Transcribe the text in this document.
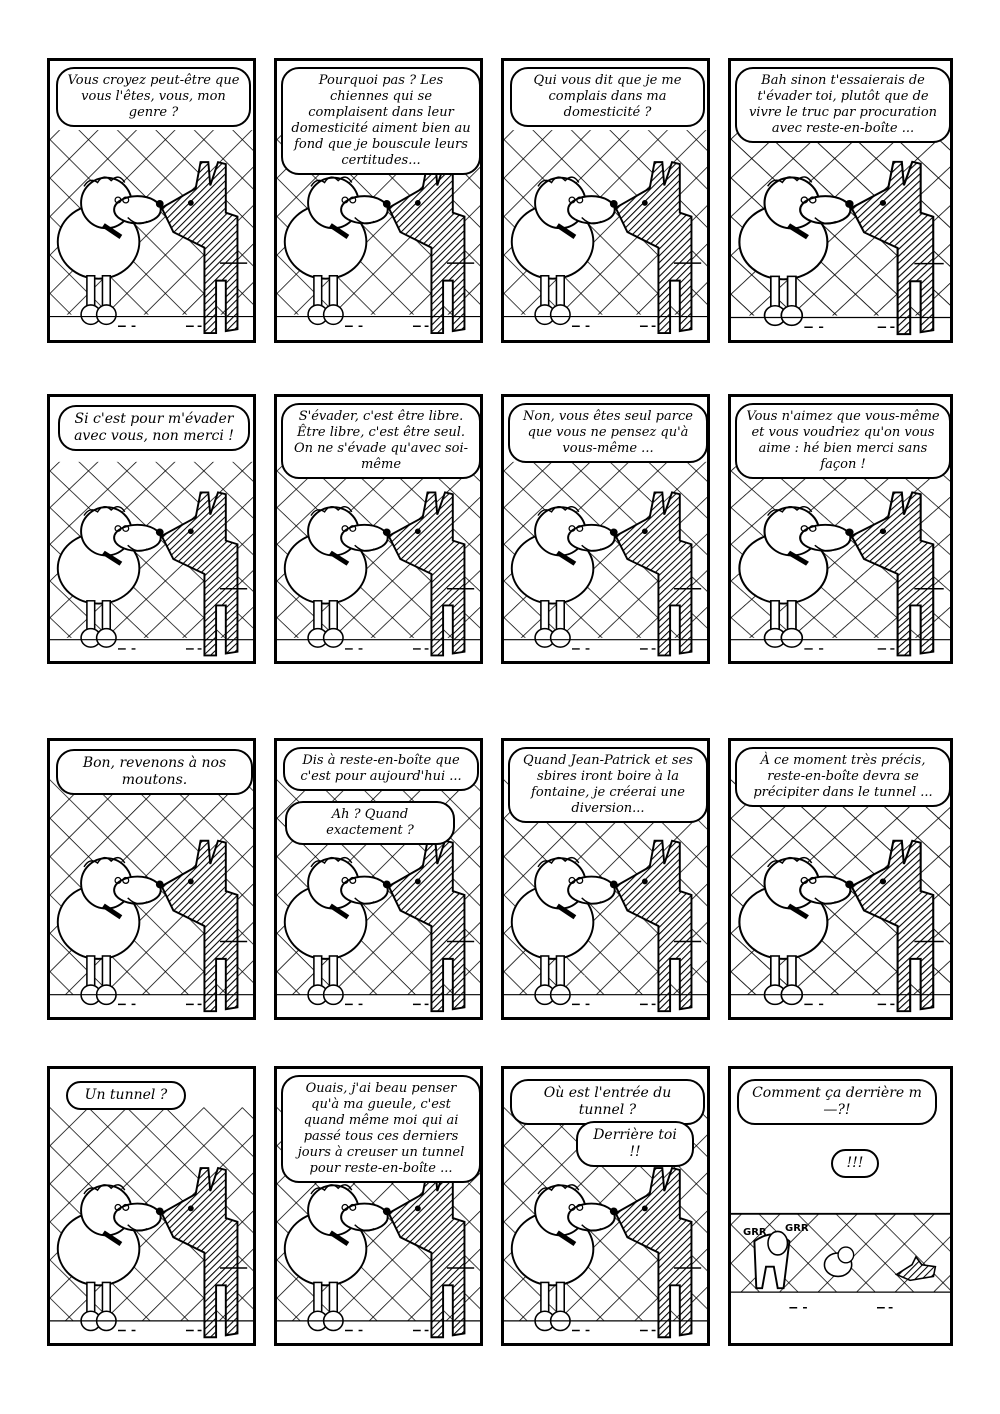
Vous croyez peut-être que vous l'êtes, vous, mon genre ?
Pourquoi pas ? Les chiennes qui se complaisent dans leur domesticité aiment bien au fond que je bouscule leurs certitudes...
Qui vous dit que je me complais dans ma domesticité ?
Bah sinon t'essaierais de t'évader toi, plutôt que de vivre le truc par procuration avec reste-en-boîte ...
Si c'est pour m'évader avec vous, non merci !
S'évader, c'est être libre. Être libre, c'est être seul. On ne s'évade qu'avec soi-même
Non, vous êtes seul parce que vous ne pensez qu'à vous-même ...
Vous n'aimez que vous-même et vous voudriez qu'on vous aime : hé bien merci sans façon !
Bon, revenons à nos moutons.
Dis à reste-en-boîte que c'est pour aujourd'hui ...
Ah ? Quand exactement ?
Quand Jean-Patrick et ses sbires iront boire à la fontaine, je créerai une diversion...
À ce moment très précis, reste-en-boîte devra se précipiter dans le tunnel ...
Un tunnel ?	Ouais, j'ai beau penser qu'à ma gueule, c'est quand même moi qui ai passé tous ces derniers jours à creuser un tunnel pour reste-en-boîte ...
Où est l'entrée du tunnel ?
Derrière toi !!
Comment ça derrière m—?!
!!!
GRR GRR
